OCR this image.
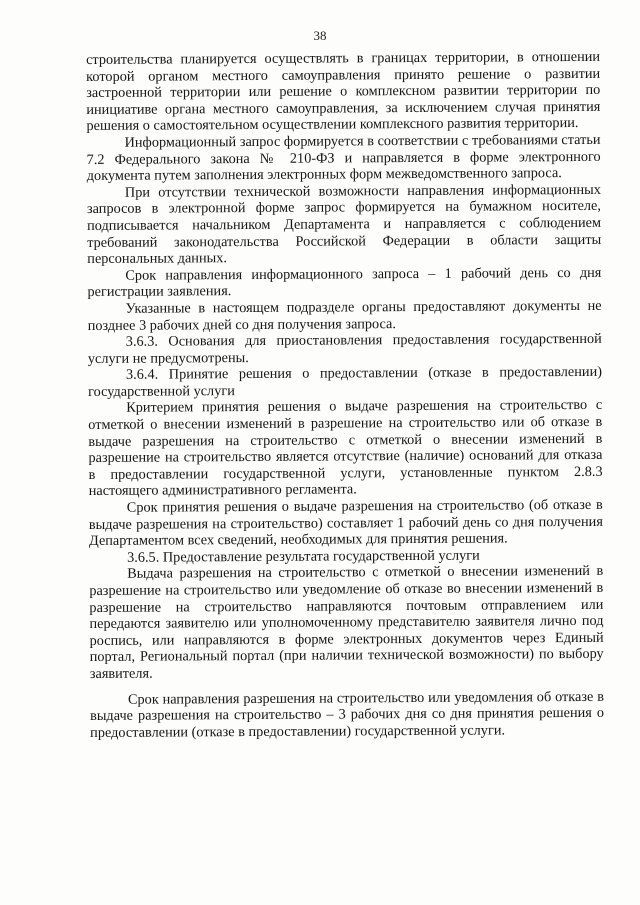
38

строительства планируется осуществлять в границах территории, в отношении которой органом местного самоуправления принято решение о развитии застроенной территории или решение о комплексном развитии территории по инициативе органа местного самоуправления, за исключением случая принятия решения о самостоятельном осуществлении комплексного развития территории.

Информационный запрос формируется в соответствии с требованиями статьи 7.2 Федерального закона № 210-ФЗ и направляется в форме электронного документа путем заполнения электронных форм межведомственного запроса.

При отсутствии технической возможности направления информационных запросов в электронной форме запрос формируется на бумажном носителе, подписывается начальником Департамента и направляется с соблюдением требований законодательства Российской Федерации в области защиты персональных данных.

Срок направления информационного запроса – 1 рабочий день со дня регистрации заявления.

Указанные в настоящем подразделе органы предоставляют документы не позднее 3 рабочих дней со дня получения запроса.

3.6.3. Основания для приостановления предоставления государственной услуги не предусмотрены.

3.6.4. Принятие решения о предоставлении (отказе в предоставлении) государственной услуги

Критерием принятия решения о выдаче разрешения на строительство с отметкой о внесении изменений в разрешение на строительство или об отказе в выдаче разрешения на строительство с отметкой о внесении изменений в разрешение на строительство является отсутствие (наличие) оснований для отказа в предоставлении государственной услуги, установленные пунктом 2.8.3 настоящего административного регламента.

Срок принятия решения о выдаче разрешения на строительство (об отказе в выдаче разрешения на строительство) составляет 1 рабочий день со дня получения Департаментом всех сведений, необходимых для принятия решения.

3.6.5. Предоставление результата государственной услуги

Выдача разрешения на строительство с отметкой о внесении изменений в разрешение на строительство или уведомление об отказе во внесении изменений в разрешение на строительство направляются почтовым отправлением или передаются заявителю или уполномоченному представителю заявителя лично под роспись, или направляются в форме электронных документов через Единый портал, Региональный портал (при наличии технической возможности) по выбору заявителя.

Срок направления разрешения на строительство или уведомления об отказе в выдаче разрешения на строительство – 3 рабочих дня со дня принятия решения о предоставлении (отказе в предоставлении) государственной услуги.
